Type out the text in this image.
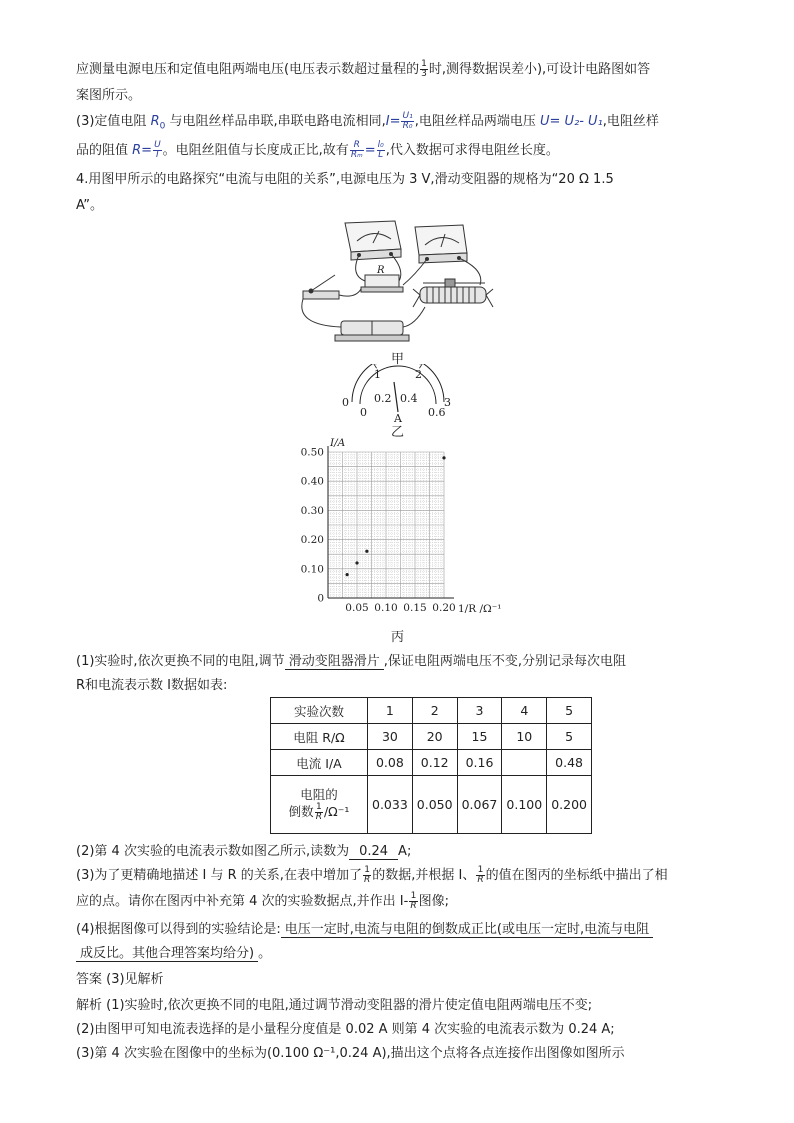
应测量电源电压和定值电阻两端电压(电压表示数超过量程的 $\frac{1}{3}$ 时,测得数据误差小),可设计电路图如答
案图所示。
(3)定值电阻 $R_0$ 与电阻丝样品串联,串联电路电流相同$,I= \frac{\text{U₁}}{\text{R₀}}$ ,电阻丝样品两端电压 U= U₂- U₁,电阻丝样
品的阻值 $R= \frac{U}{I}$ 。电阻丝阻值与长度成正比,故有 $\frac{R}{\text{Rₘ}} = \frac{\text{l₀}}{L}$ ,代入数据可求得电阻丝长度。
4.用图甲所示的电路探究“电流与电阻的关系”,电源电压为 3 V,滑动变阻器的规格为“20 Ω 1.5
A”。
R
甲
0
1	2
3
0
0.2 0.4
0.6
A
乙
0
0.10
0.20
0.30
0.40
0.50
0.05 0.10 0.15 0.20
I/A
1/R /Ω⁻¹
丙
(1)实验时,依次更换不同的电阻,调节 滑动变阻器滑片 ,保证电阻两端电压不变,分别记录每次电阻
R和电流表示数 I数据如表:
实验次数	1	2	3	4	5
电阻 R/Ω	30	20	15	10	5
电流 I/A	0.08	0.12	0.16		0.48
电阻的
倒数 $\frac{1}{R} /\Omega^{-1}$	0.033	0.050	0.067	0.100	0.200
(2)第 4 次实验的电流表示数如图乙所示,读数为 0.24 A;
(3)为了更精确地描述 I 与 R 的关系,在表中增加了 $\frac{1}{R}$ 的数据,并根据 I、 $\frac{1}{R}$ 的值在图丙的坐标纸中描出了相
应的点。请你在图丙中补充第 4 次的实验数据点,并作出 $I- \frac{1}{R}$ 图像;
(4)根据图像可以得到的实验结论是: 电压一定时,电流与电阻的倒数成正比(或电压一定时,电流与电阻
成反比。其他合理答案均给分) 。
答案 (3)见解析
解析 (1)实验时,依次更换不同的电阻,通过调节滑动变阻器的滑片使定值电阻两端电压不变;
(2)由图甲可知电流表选择的是小量程分度值是 0.02 A 则第 4 次实验的电流表示数为 0.24 A;
(3)第 4 次实验在图像中的坐标为(0.100 Ω⁻¹,0.24 A),描出这个点将各点连接作出图像如图所示
